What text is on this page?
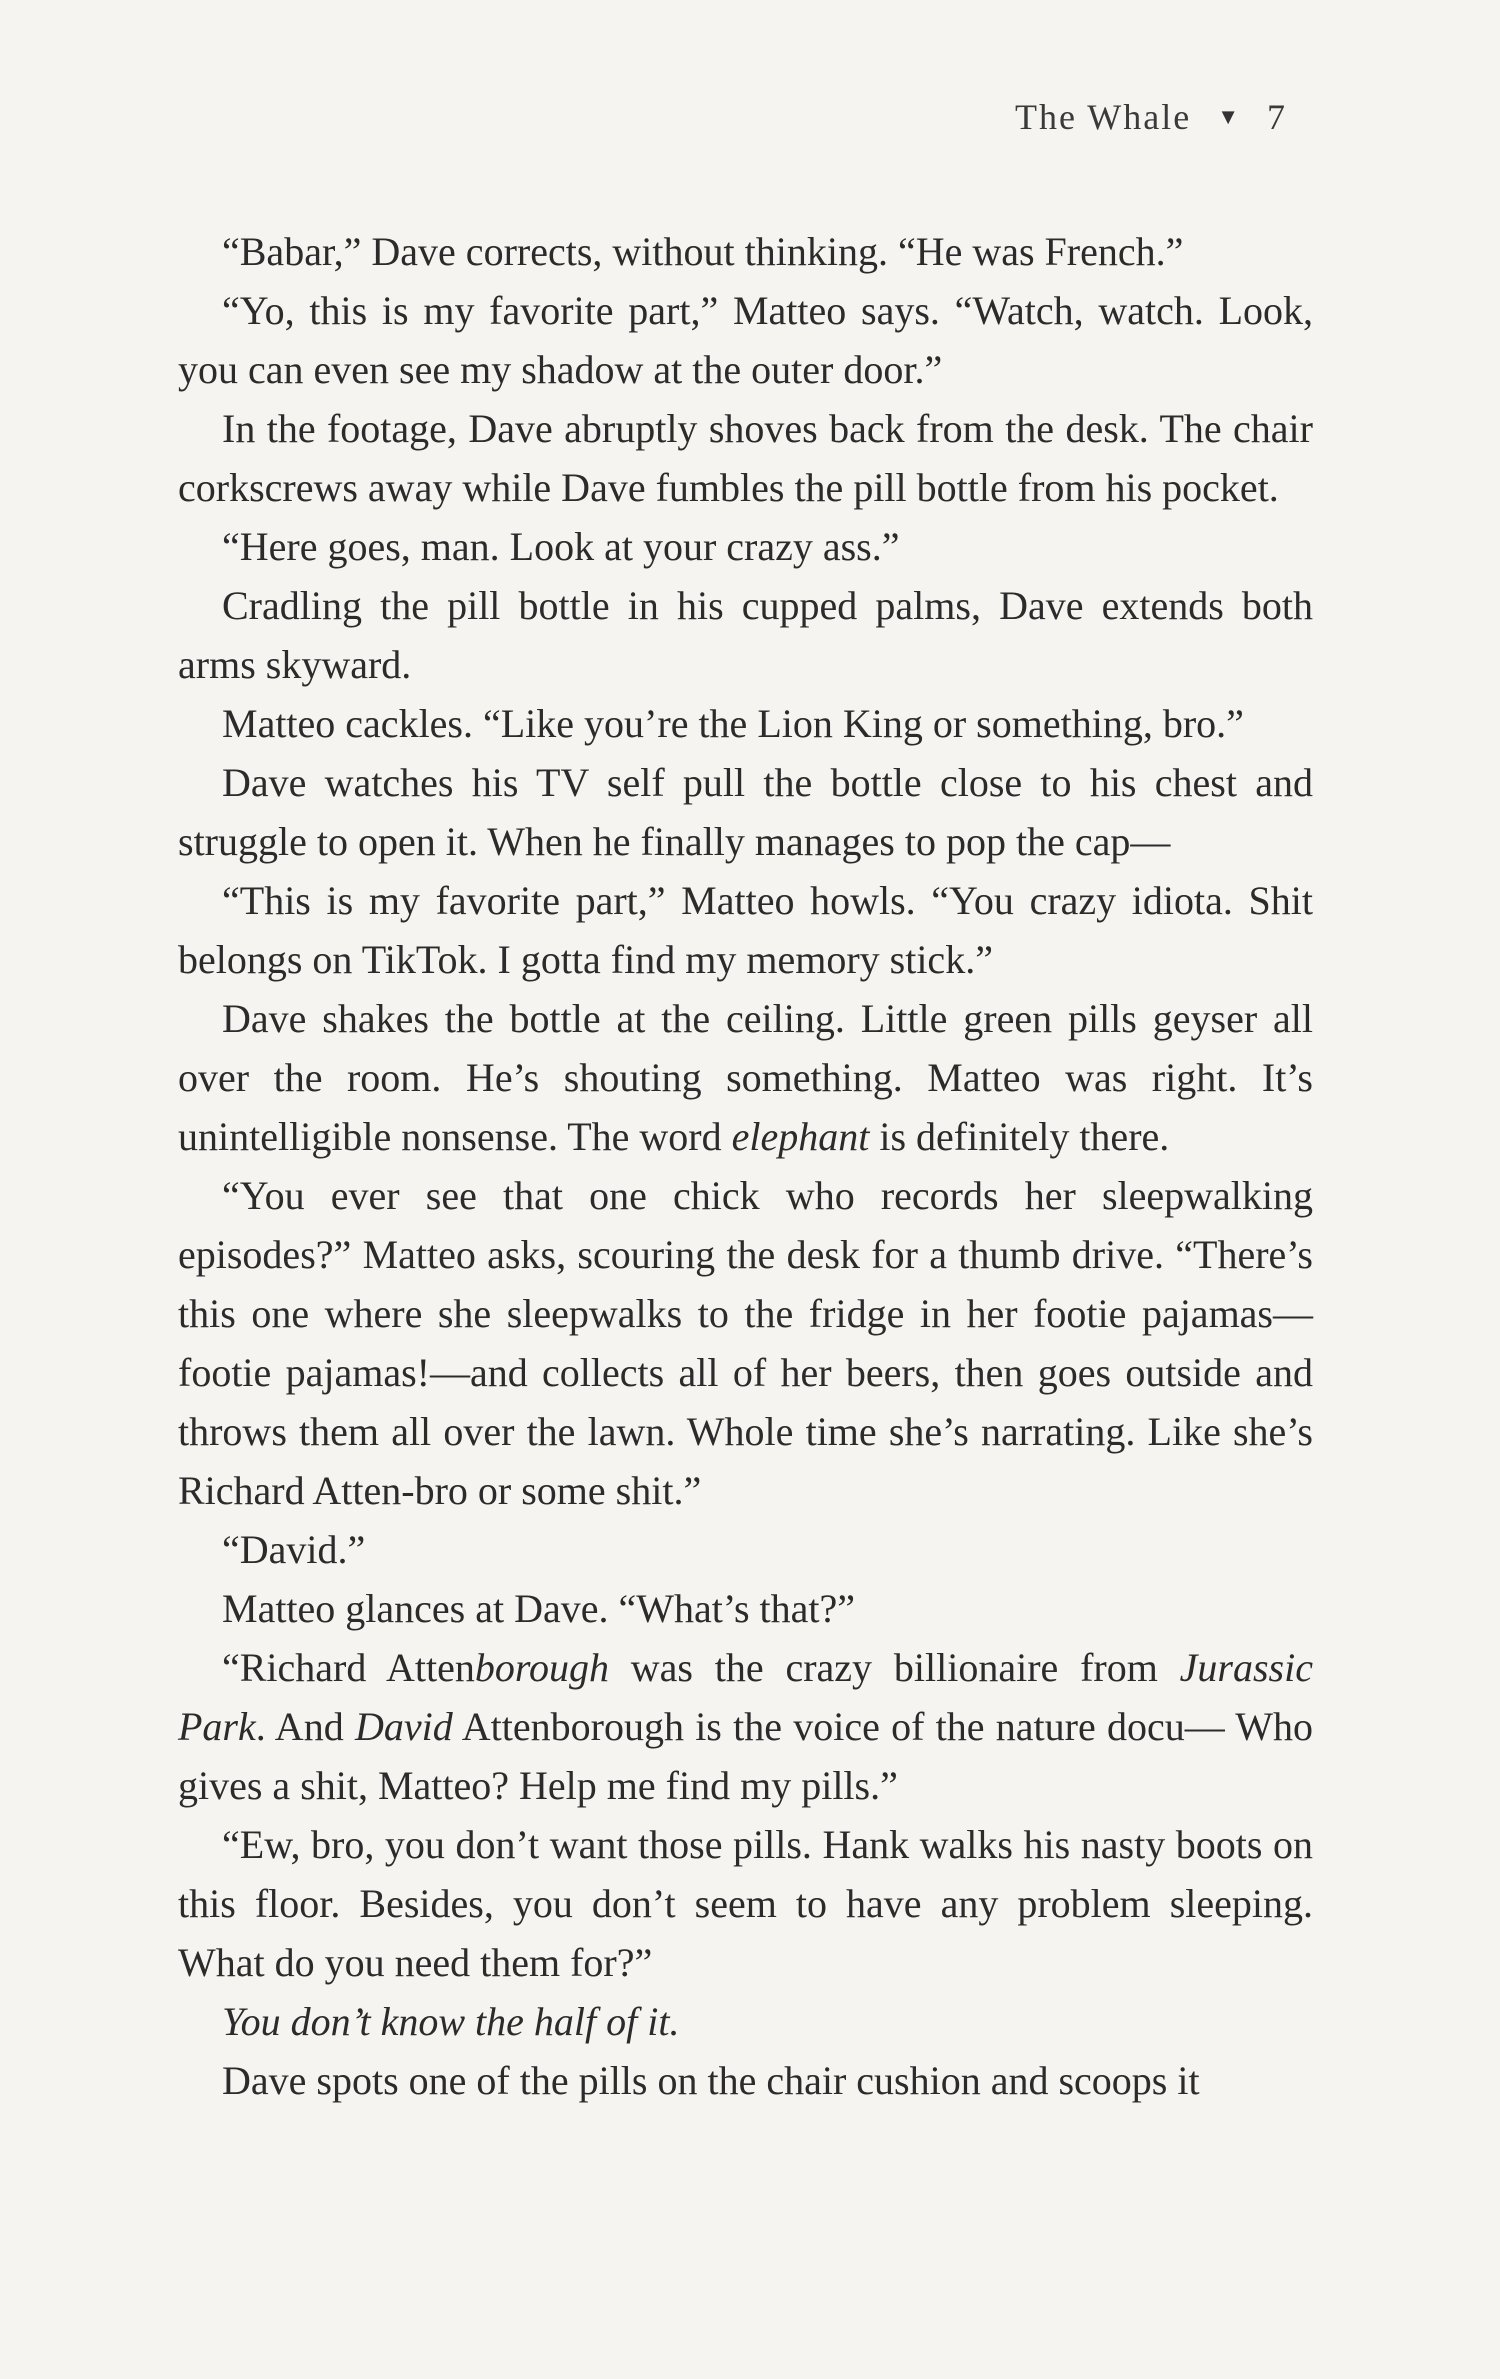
The Whale ▼ 7

“Babar,” Dave corrects, without thinking. “He was French.”

“Yo, this is my favorite part,” Matteo says. “Watch, watch. Look, you can even see my shadow at the outer door.”

In the footage, Dave abruptly shoves back from the desk. The chair corkscrews away while Dave fumbles the pill bottle from his pocket.

“Here goes, man. Look at your crazy ass.”

Cradling the pill bottle in his cupped palms, Dave extends both arms skyward.

Matteo cackles. “Like you’re the Lion King or something, bro.”

Dave watches his TV self pull the bottle close to his chest and struggle to open it. When he finally manages to pop the cap—

“This is my favorite part,” Matteo howls. “You crazy idiota. Shit belongs on TikTok. I gotta find my memory stick.”

Dave shakes the bottle at the ceiling. Little green pills geyser all over the room. He’s shouting something. Matteo was right. It’s unintelligible nonsense. The word elephant is definitely there.

“You ever see that one chick who records her sleepwalking episodes?” Matteo asks, scouring the desk for a thumb drive. “There’s this one where she sleepwalks to the fridge in her footie pajamas—footie pajamas!—and collects all of her beers, then goes outside and throws them all over the lawn. Whole time she’s narrating. Like she’s Richard Atten-bro or some shit.”

“David.”

Matteo glances at Dave. “What’s that?”

“Richard Attenborough was the crazy billionaire from Jurassic Park. And David Attenborough is the voice of the nature docu— Who gives a shit, Matteo? Help me find my pills.”

“Ew, bro, you don’t want those pills. Hank walks his nasty boots on this floor. Besides, you don’t seem to have any problem sleeping. What do you need them for?”

You don’t know the half of it.

Dave spots one of the pills on the chair cushion and scoops it
